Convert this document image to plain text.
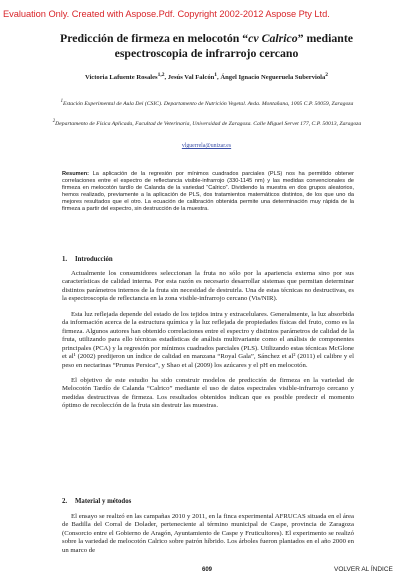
Evaluation Only. Created with Aspose.Pdf. Copyright 2002-2012 Aspose Pty Ltd.
Predicción de firmeza en melocotón “cv Calrico” mediante espectroscopia de infrarrojo cercano
Victoria Lafuente Rosales$^{1,2}$, Jesús Val Falcón$^1$, Ángel Ignacio Negueruela Suberviola$^2$
$^1$Estación Experimental de Aula Dei (CSIC). Departamento de Nutrición Vegetal. Avda. Montañana, 1005 C.P. 50059, Zaragoza
$^2$Departamento de Física Aplicada, Facultad de Veterinaria, Universidad de Zaragoza. Calle Miguel Servet 177, C.P. 50013, Zaragoza
vlguerrela@unizar.es
Resumen: La aplicación de la regresión por mínimos cuadrados parciales (PLS) nos ha permitido obtener correlaciones entre el espectro de reflectancia visible-infrarrojo (330-1145 nm) y las medidas convencionales de firmeza en melocotón tardío de Calanda de la variedad “Calrico”. Dividiendo la muestra en dos grupos aleatorios, hemos realizado, previamente a la aplicación de PLS, dos tratamientos matemáticos distintos, de los que uno da mejores resultados que el otro. La ecuación de calibración obtenida permite una determinación muy rápida de la firmeza a partir del espectro, sin destrucción de la muestra.
1. Introducción

Actualmente los consumidores seleccionan la fruta no sólo por la apariencia externa sino por sus características de calidad interna. Por esta razón es necesario desarrollar sistemas que permitan determinar distintos parámetros internos de la fruta sin necesidad de destruirla. Una de estas técnicas no destructivas, es la espectroscopia de reflectancia en la zona visible-infrarrojo cercano (Vis/NIR).

Esta luz reflejada depende del estado de los tejidos intra y extracelulares. Generalmente, la luz absorbida da información acerca de la estructura química y la luz reflejada de propiedades físicas del fruto, como es la firmeza. Algunos autores han obtenido correlaciones entre el espectro y distintos parámetros de calidad de la fruta, utilizando para ello técnicas estadísticas de análisis multivariante como el análisis de componentes principales (PCA) y la regresión por mínimos cuadrados parciales (PLS). Utilizando estas técnicas McGlone et al¹ (2002) predijeron un índice de calidad en manzana “Royal Gala”, Sánchez et al² (2011) el calibre y el peso en nectarinas “Prunus Persica”, y Shao et al (2009) los azúcares y el pH en melocotón.

El objetivo de este estudio ha sido construir modelos de predicción de firmeza en la variedad de Melocotón Tardío de Calanda “Calrico” mediante el uso de datos espectrales visible-infrarrojo cercano y medidas destructivas de firmeza. Los resultados obtenidos indican que es posible predecir el momento óptimo de recolección de la fruta sin destruir las muestras.

2. Material y métodos

El ensayo se realizó en las campañas 2010 y 2011, en la finca experimental AFRUCAS situada en el área de Badilla del Corral de Dolader, perteneciente al término municipal de Caspe, provincia de Zaragoza (Consorcio entre el Gobierno de Aragón, Ayuntamiento de Caspe y Fruticultores). El experimento se realizó sobre la variedad de melocotón Calrico sobre patrón híbrido. Los árboles fueron plantados en el año 2000 en un marco de

609	VOLVER AL ÍNDICE
